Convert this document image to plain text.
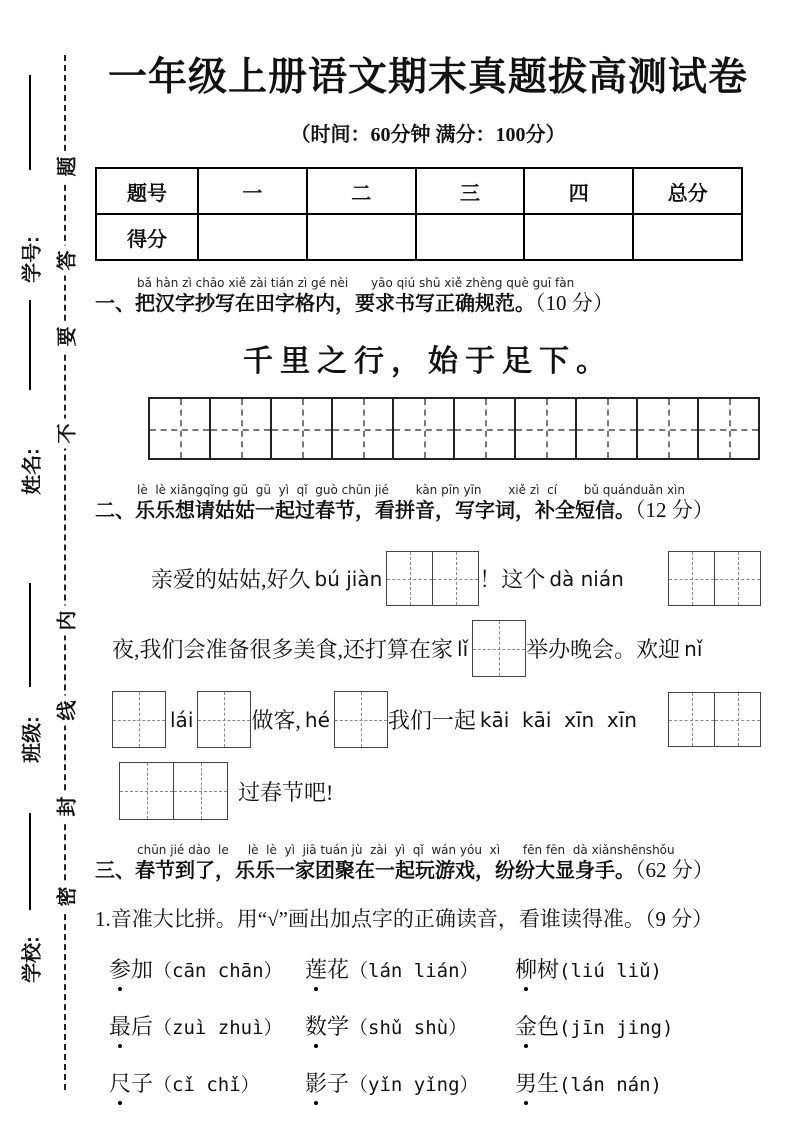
题
答
要
不
内
线
封
密
学号:
姓名:
班级:
学校:
一年级上册语文期末真题拔高测试卷
（时间：60分钟 满分：100分）
题号	一	二	三	四	总分
得分					
bǎ hàn zì chāo xiě zài tián zì gé nèi      yāo qiú shū xiě zhèng què guī fàn
一、把汉字抄写在田字格内，要求书写正确规范。（10 分）
千里之行，始于足下。
lè  lè xiǎngqǐng gū  gū  yì  qǐ  guò chūn jié       kàn pīn yīn       xiě zì  cí       bǔ quánduǎn xìn
二、乐乐想请姑姑一起过春节，看拼音，写字词，补全短信。（12 分）
亲爱的姑姑,好久 bú jiàn	！这个 dà nián
夜,我们会准备很多美食,还打算在家 lǐ	举办晚会。欢迎 nǐ
lái	做客, hé	我们一起 kāi  kāi  xīn  xīn
过春节吧!
chūn jié dào  le     lè  lè  yì  jiā tuán jù  zài  yì  qǐ  wán yóu  xì      fēn fēn  dà xiǎnshēnshǒu
三、春节到了，乐乐一家团聚在一起玩游戏，纷纷大显身手。（62 分）
1.音准大比拼。用“√”画出加点字的正确读音，看谁读得准。（9 分）
参加（cān chān）	莲花（lán lián）	柳树(liú liǔ)
最后（zuì zhuì）	数学（shǔ shù）	金色(jīn jing)
尺子（cǐ chǐ）	影子（yǐn yǐng）	男生(lán nán)
